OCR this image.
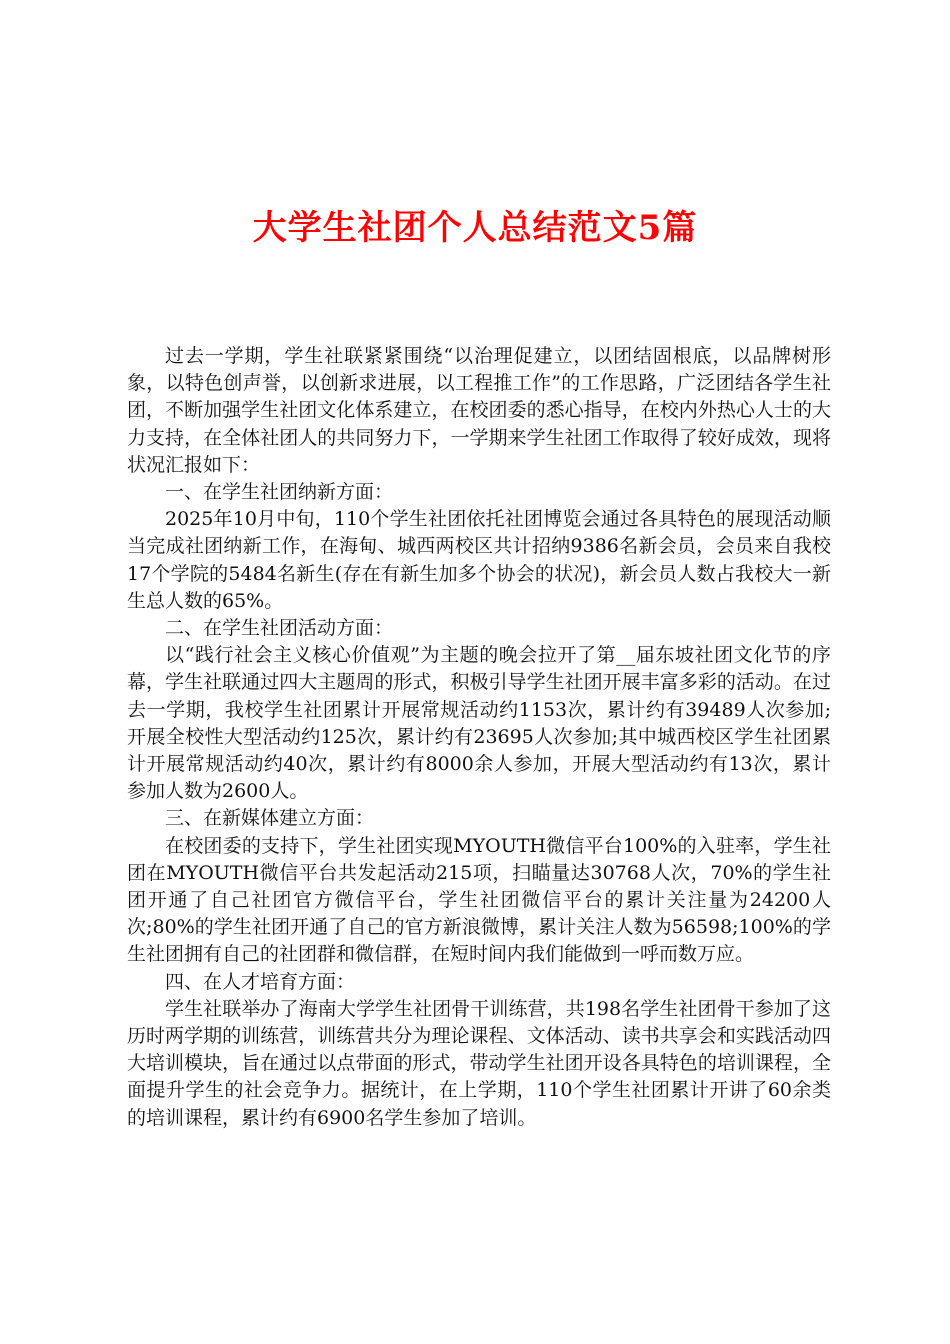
大学生社团个人总结范文5篇

过去一学期，学生社联紧紧围绕“以治理促建立，以团结固根底，以品牌树形象，以特色创声誉，以创新求进展，以工程推工作”的工作思路，广泛团结各学生社团，不断加强学生社团文化体系建立，在校团委的悉心指导，在校内外热心人士的大力支持，在全体社团人的共同努力下，一学期来学生社团工作取得了较好成效，现将状况汇报如下：

一、在学生社团纳新方面：

2025年10月中旬，110个学生社团依托社团博览会通过各具特色的展现活动顺当完成社团纳新工作，在海甸、城西两校区共计招纳9386名新会员，会员来自我校17个学院的5484名新生(存在有新生加多个协会的状况)，新会员人数占我校大一新生总人数的65%。

二、在学生社团活动方面：

以“践行社会主义核心价值观”为主题的晚会拉开了第__届东坡社团文化节的序幕，学生社联通过四大主题周的形式，积极引导学生社团开展丰富多彩的活动。在过去一学期，我校学生社团累计开展常规活动约1153次，累计约有39489人次参加;开展全校性大型活动约125次，累计约有23695人次参加;其中城西校区学生社团累计开展常规活动约40次，累计约有8000余人参加，开展大型活动约有13次，累计参加人数为2600人。

三、在新媒体建立方面：

在校团委的支持下，学生社团实现MYOUTH微信平台100%的入驻率，学生社团在MYOUTH微信平台共发起活动215项，扫瞄量达30768人次，70%的学生社团开通了自己社团官方微信平台，学生社团微信平台的累计关注量为24200人次;80%的学生社团开通了自己的官方新浪微博，累计关注人数为56598;100%的学生社团拥有自己的社团群和微信群，在短时间内我们能做到一呼而数万应。

四、在人才培育方面：

学生社联举办了海南大学学生社团骨干训练营，共198名学生社团骨干参加了这历时两学期的训练营，训练营共分为理论课程、文体活动、读书共享会和实践活动四大培训模块，旨在通过以点带面的形式，带动学生社团开设各具特色的培训课程，全面提升学生的社会竞争力。据统计，在上学期，110个学生社团累计开讲了60余类的培训课程，累计约有6900名学生参加了培训。
